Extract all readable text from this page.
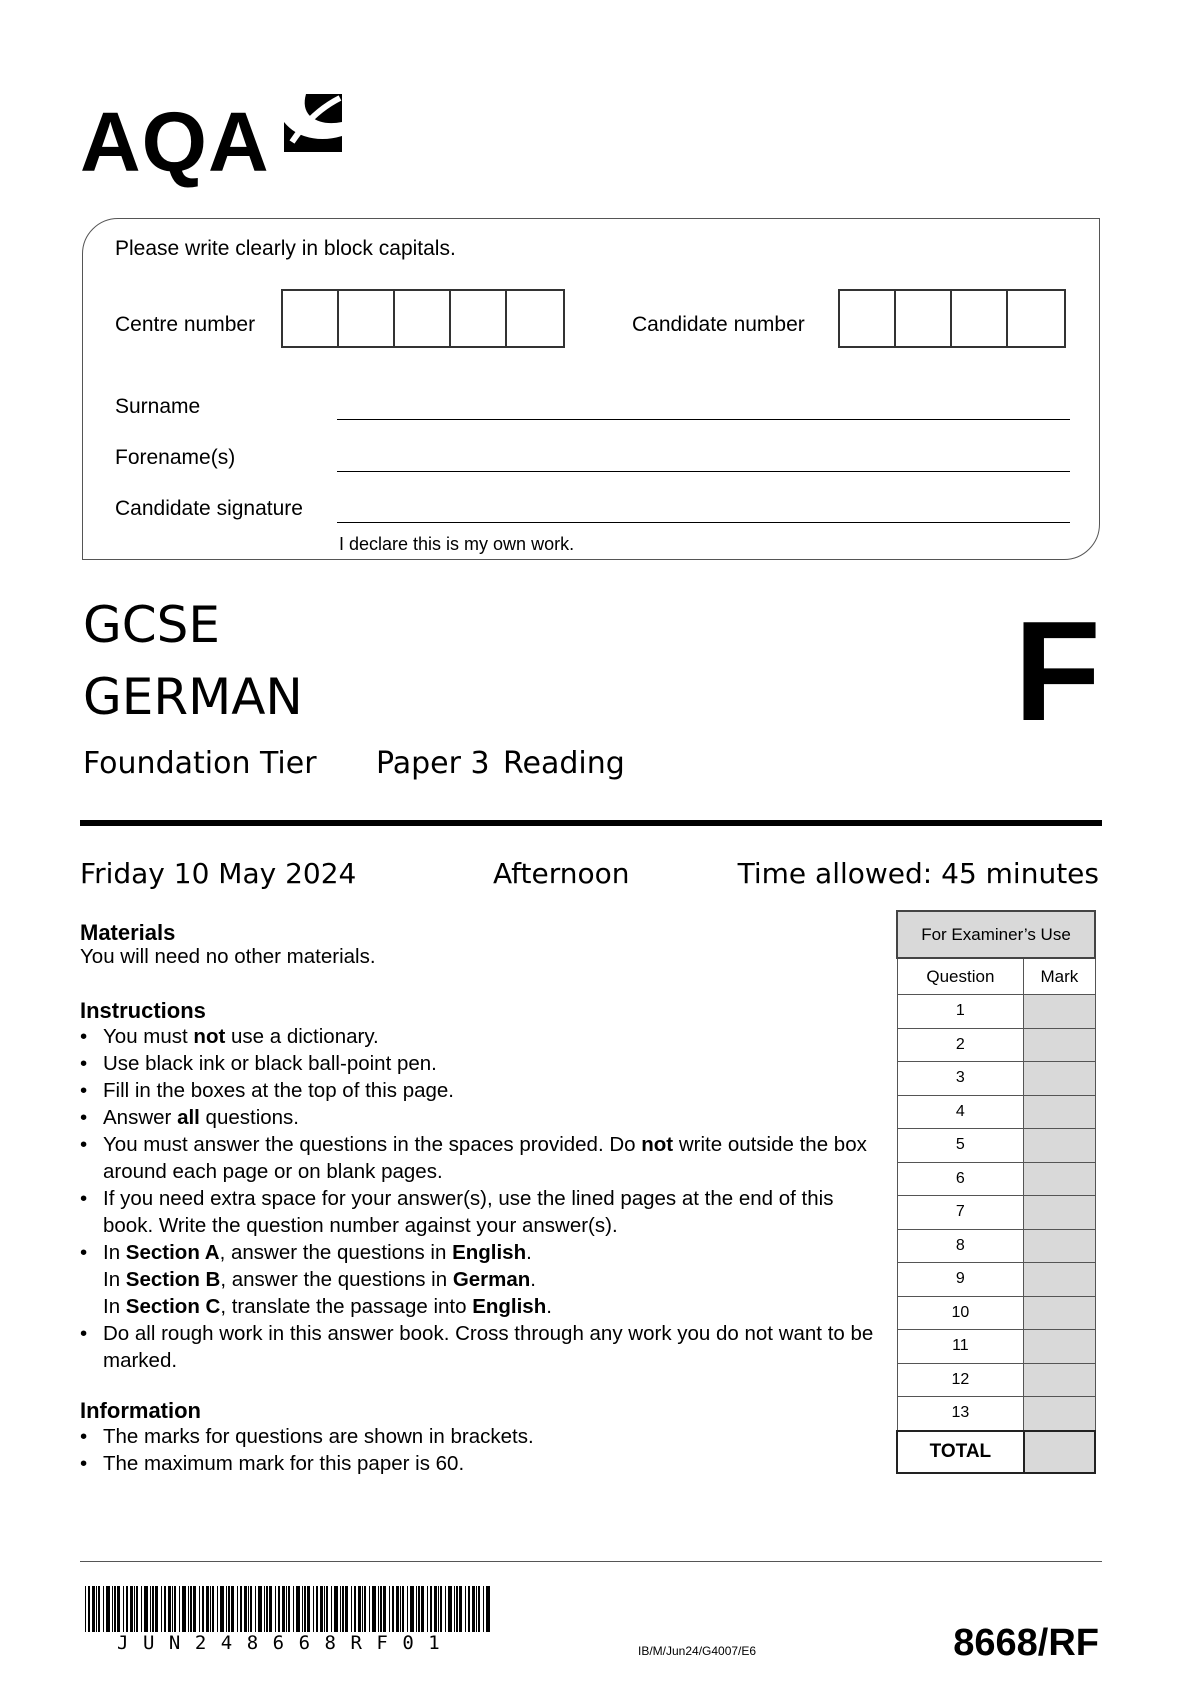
AQA
Please write clearly in block capitals.
Centre number	Candidate number
Surname
Forename(s)
Candidate signature
I declare this is my own work.
GCSE
GERMAN
Foundation Tier Paper 3 Reading
F
Friday 10 May 2024	Afternoon	Time allowed: 45 minutes
Materials
You will need no other materials.
Instructions
• You must not use a dictionary.
• Use black ink or black ball-point pen.
• Fill in the boxes at the top of this page.
• Answer all questions.
• You must answer the questions in the spaces provided. Do not write outside the box around each page or on blank pages.
• If you need extra space for your answer(s), use the lined pages at the end of this book. Write the question number against your answer(s).
• In Section A, answer the questions in English.
In Section B, answer the questions in German.
In Section C, translate the passage into English.
• Do all rough work in this answer book. Cross through any work you do not want to be marked.
Information
• The marks for questions are shown in brackets.
• The maximum mark for this paper is 60.
For Examiner’s Use	
Question	Mark
1	
2	
3	
4	
5	
6	
7	
8	
9	
10	
11	
12	
13	
TOTAL	
JUN248668RF01	IB/M/Jun24/G4007/E6	8668/RF
